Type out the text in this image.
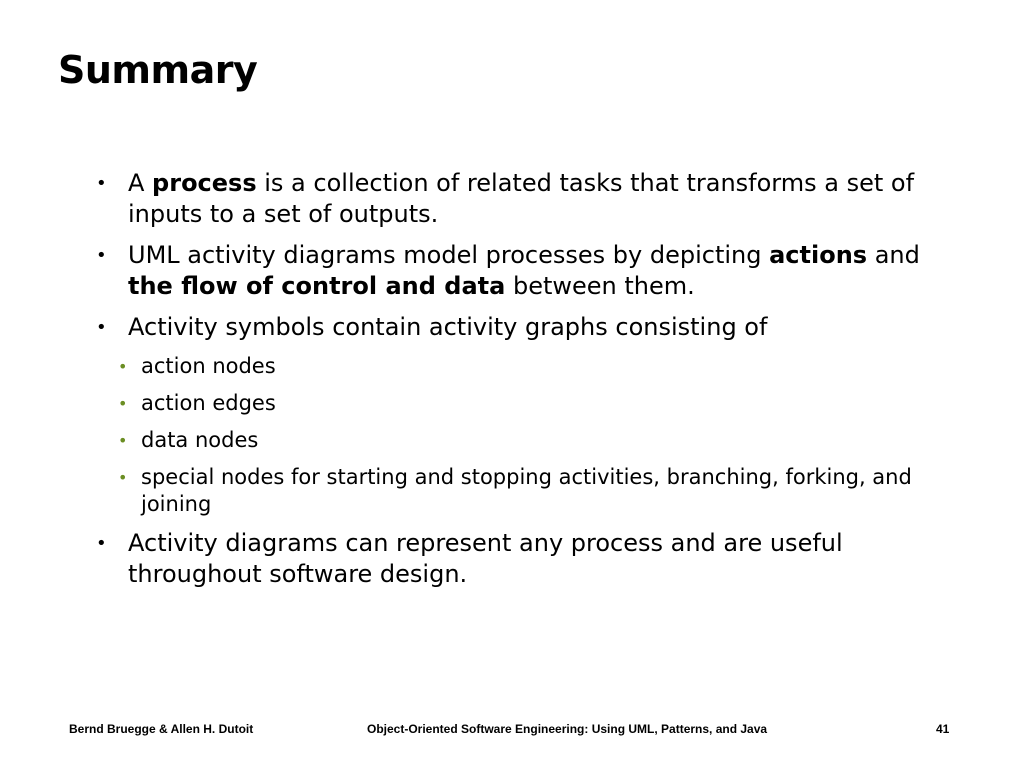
Summary
• A process is a collection of related tasks that transforms a set of inputs to a set of outputs.
• UML activity diagrams model processes by depicting actions and the flow of control and data between them.
• Activity symbols contain activity graphs consisting of
• action nodes
• action edges
• data nodes
• special nodes for starting and stopping activities, branching, forking, and joining
• Activity diagrams can represent any process and are useful throughout software design.
Bernd Bruegge & Allen H. Dutoit	Object-Oriented Software Engineering: Using UML, Patterns, and Java	41
